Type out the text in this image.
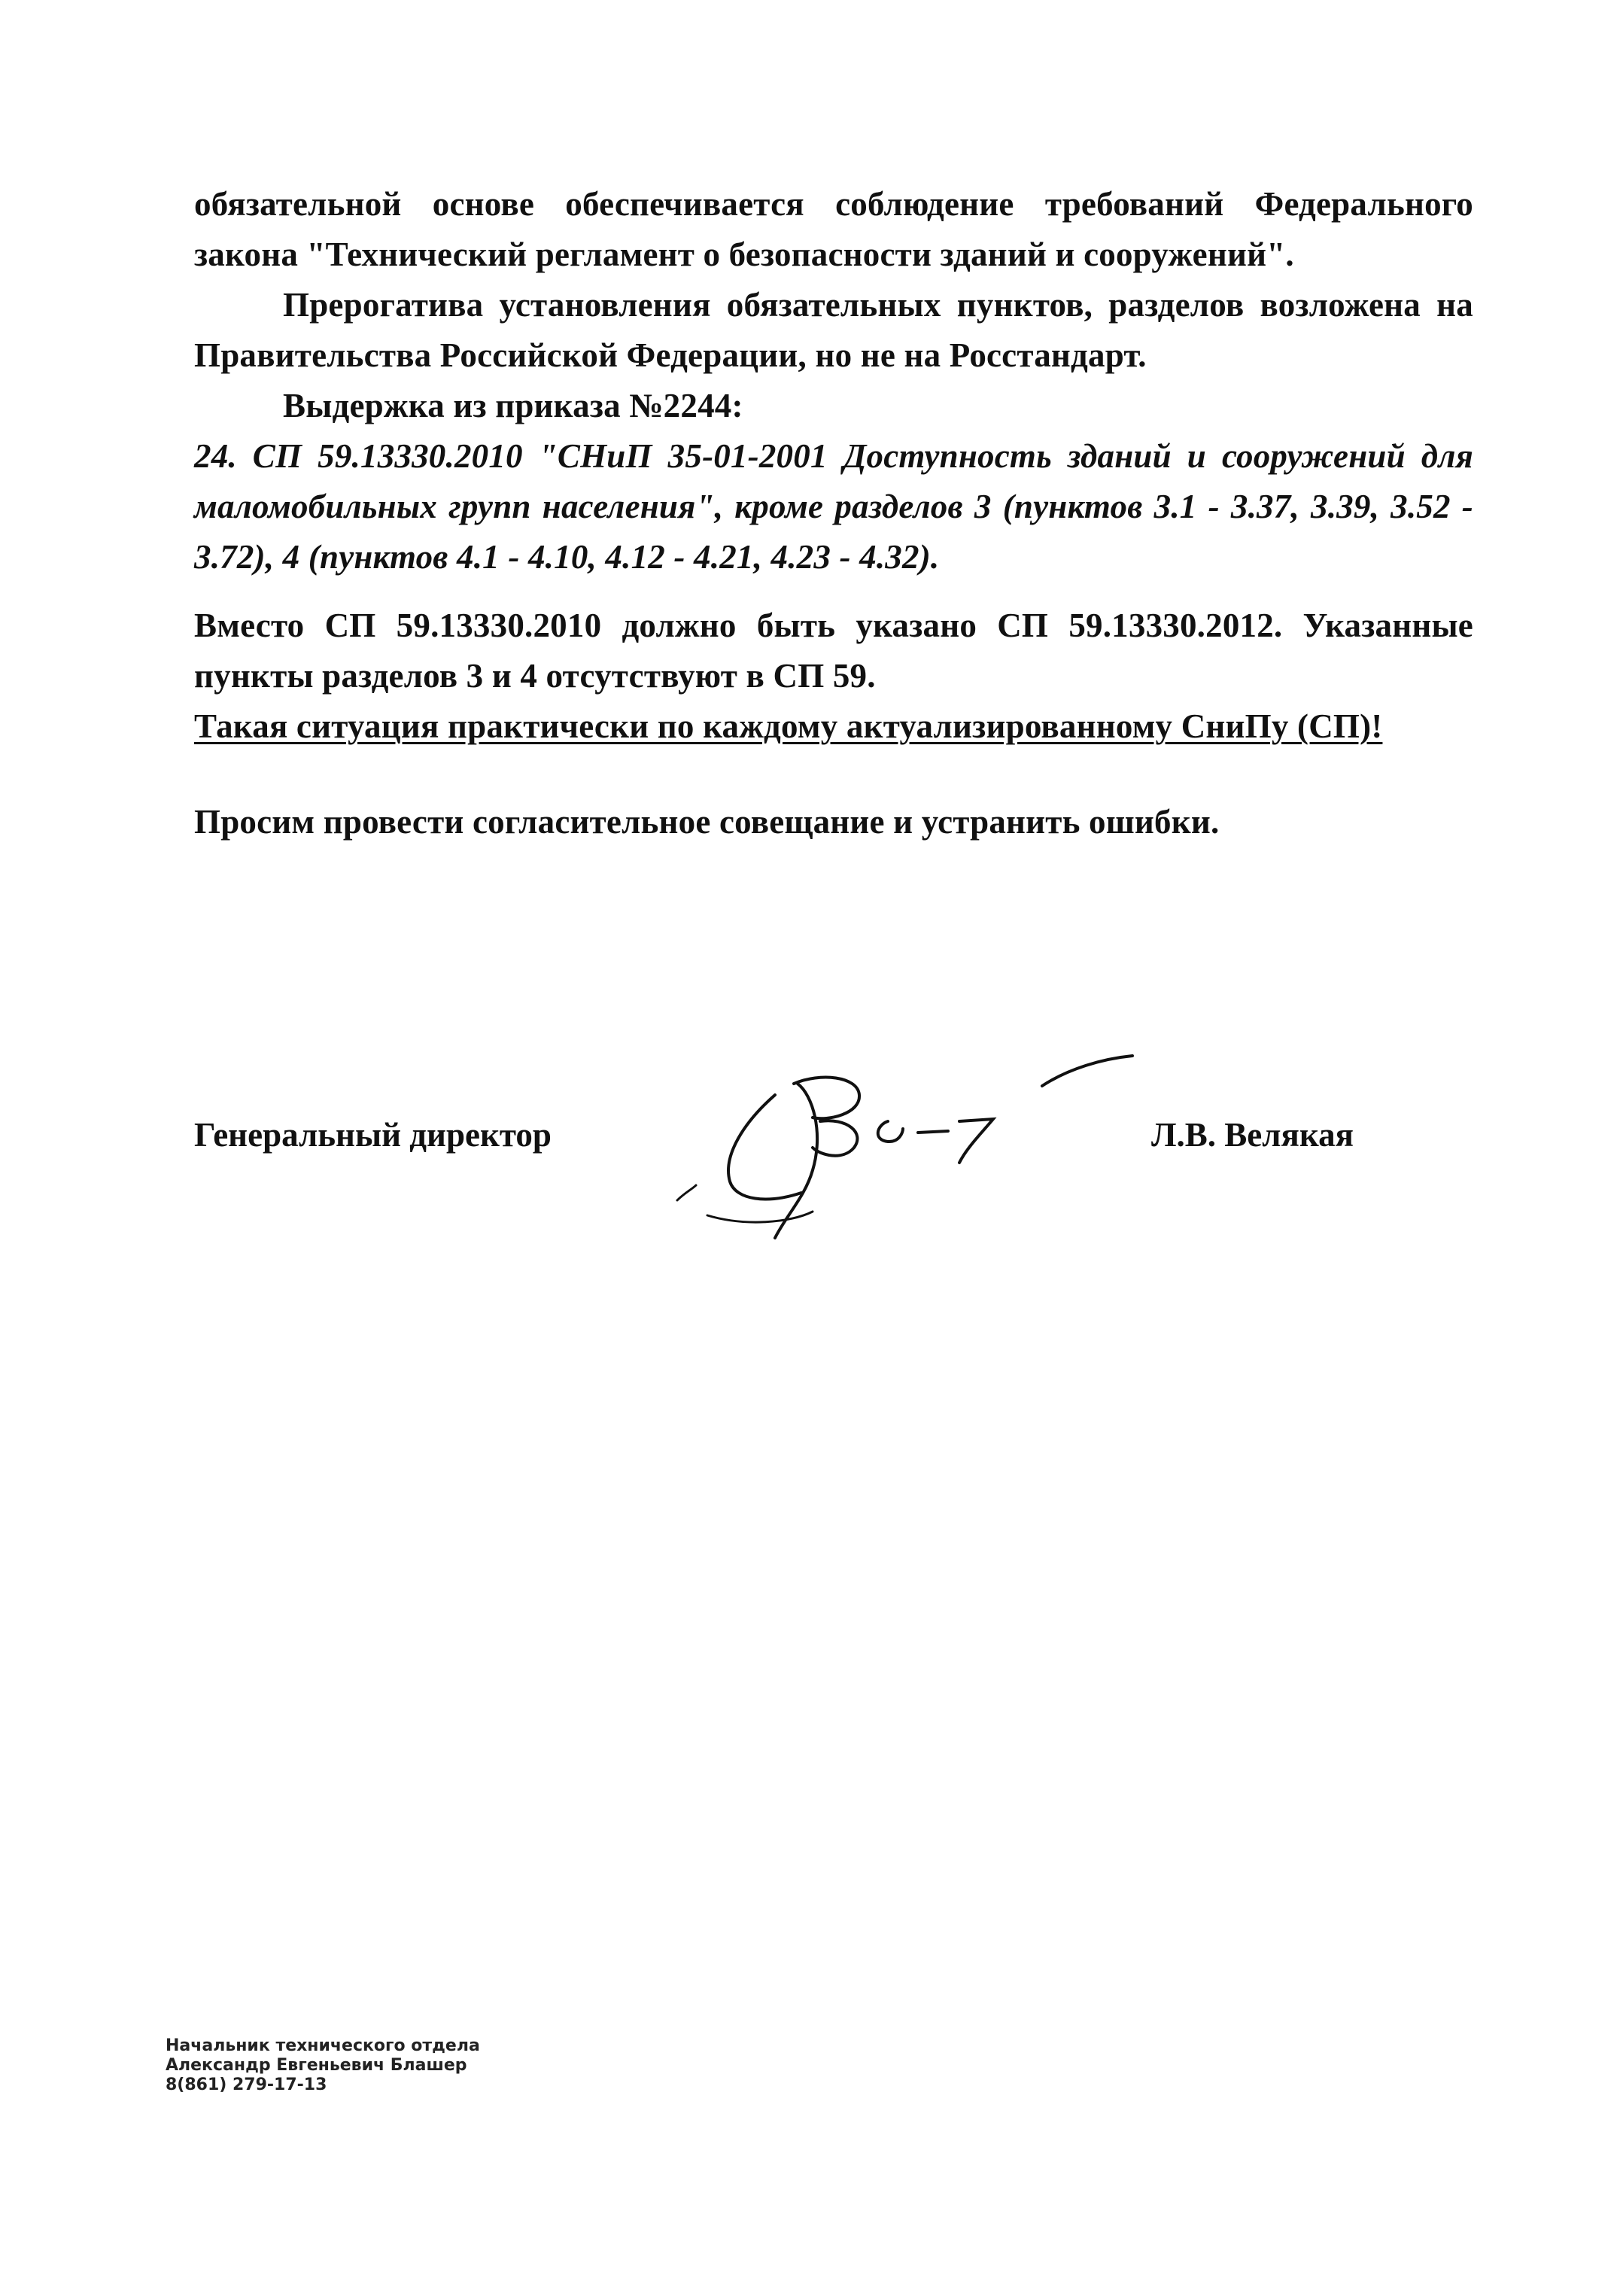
обязательной основе обеспечивается соблюдение требований Федерального закона "Технический регламент о безопасности зданий и сооружений".

Прерогатива установления обязательных пунктов, разделов возложена на Правительства Российской Федерации, но не на Росстандарт.

Выдержка из приказа №2244:

24. СП 59.13330.2010 "СНиП 35-01-2001 Доступность зданий и сооружений для маломобильных групп населения", кроме разделов 3 (пунктов 3.1 - 3.37, 3.39, 3.52 - 3.72), 4 (пунктов 4.1 - 4.10, 4.12 - 4.21, 4.23 - 4.32).

Вместо СП 59.13330.2010 должно быть указано СП 59.13330.2012. Указанные пункты разделов 3 и 4 отсутствуют в СП 59.

Такая ситуация практически по каждому актуализированному СниПу (СП)!

Просим провести согласительное совещание и устранить ошибки.

Генеральный директор	Л.В. Велякая
Начальник технического отдела
Александр Евгеньевич Блашер
8(861) 279-17-13
